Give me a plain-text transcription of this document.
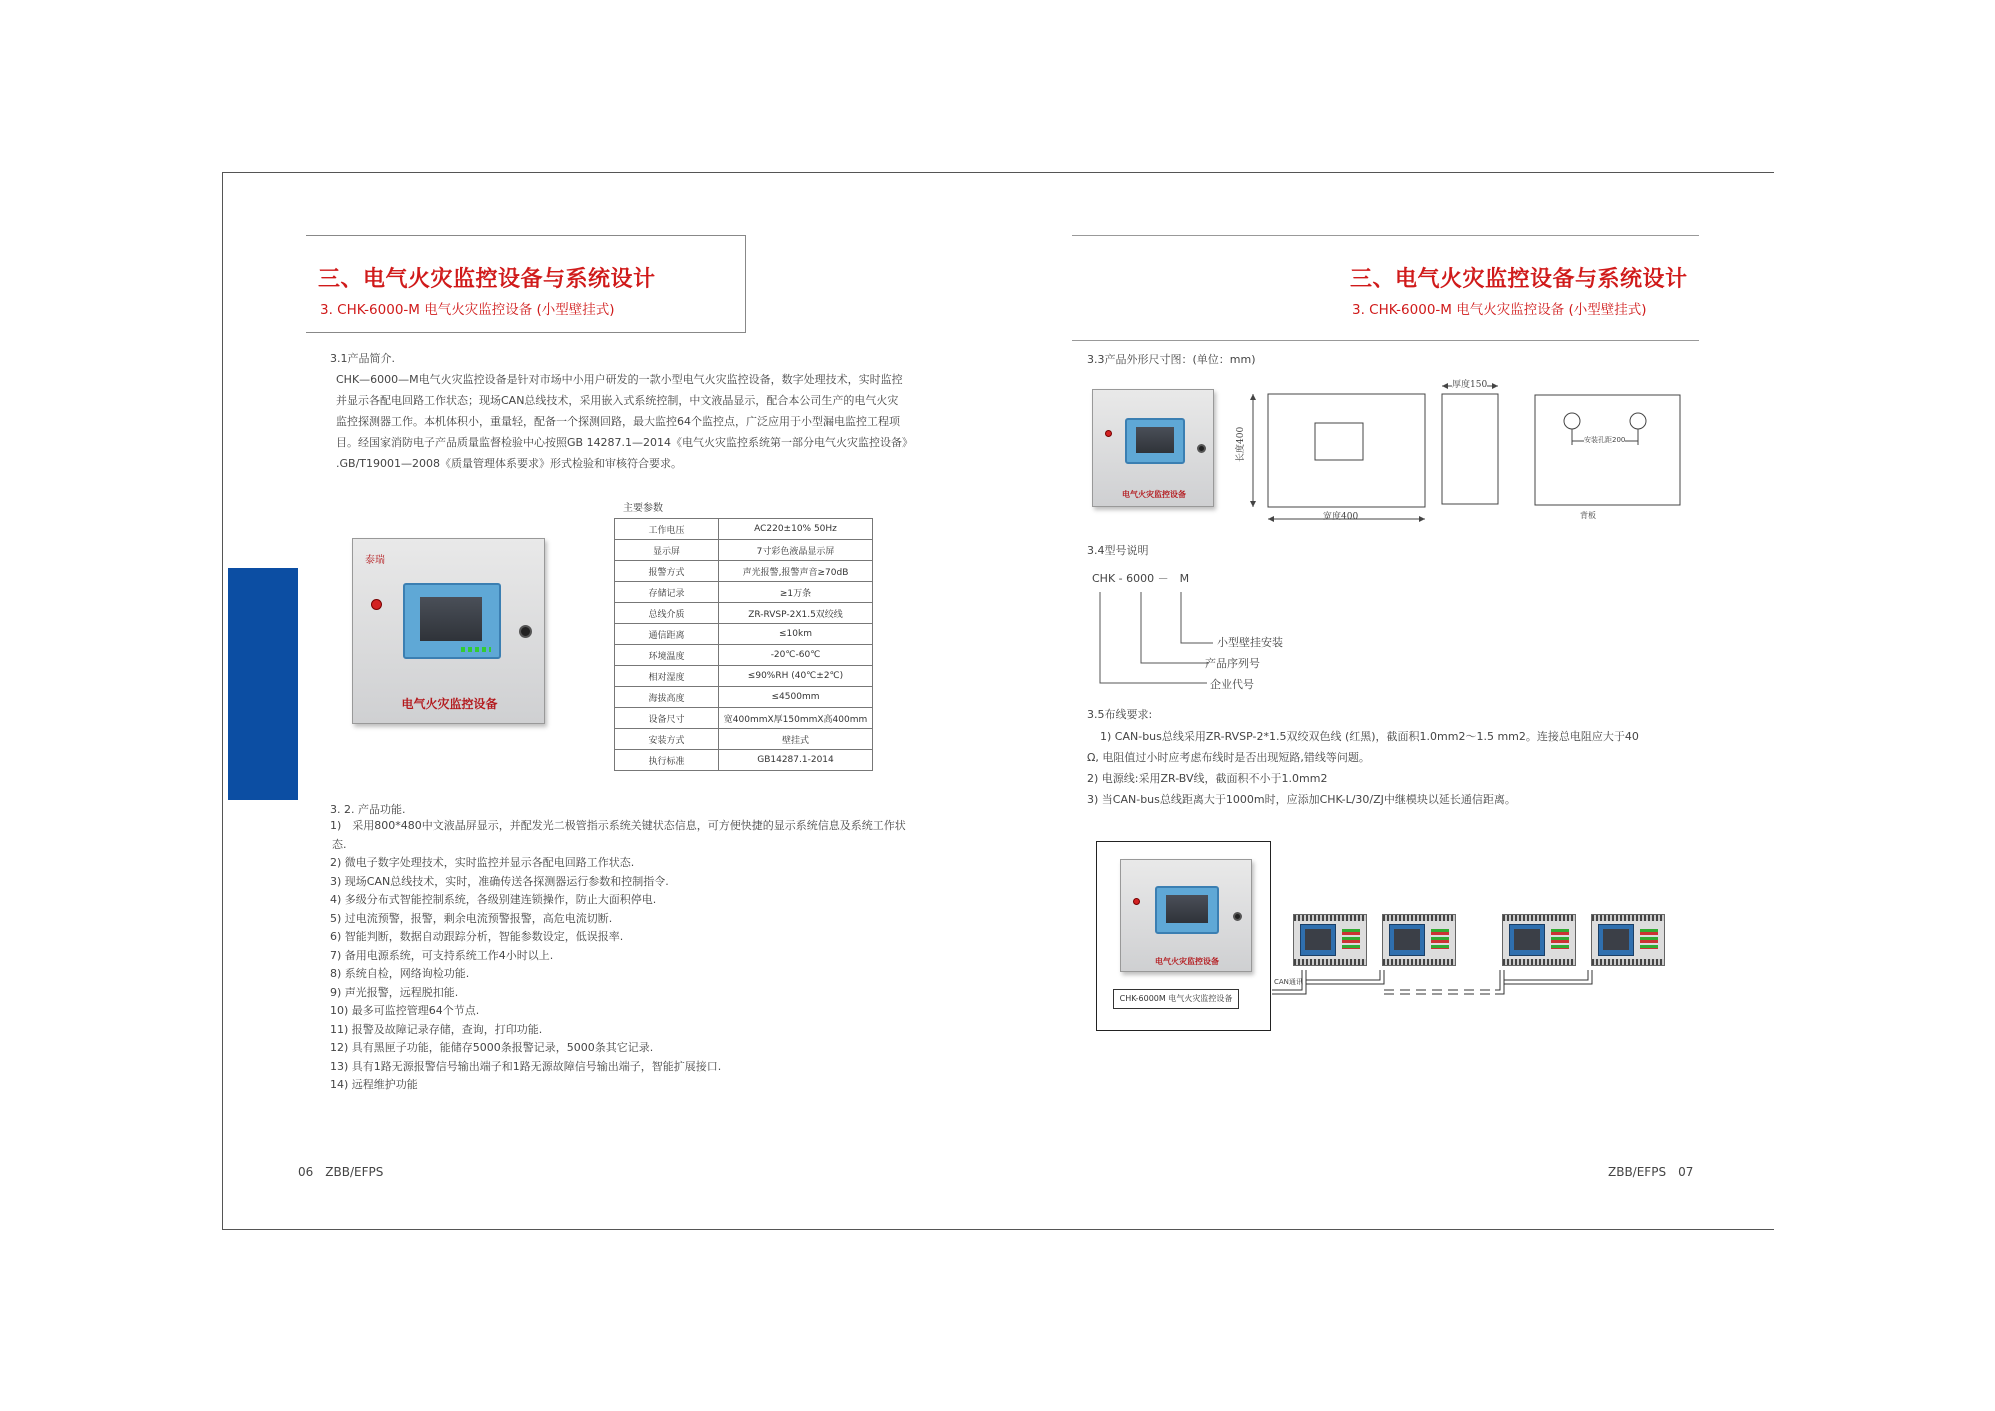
三、电气火灾监控设备与系统设计
3. CHK-6000-M 电气火灾监控设备 (小型壁挂式)
3.1产品简介.
CHK—6000—M电气火灾监控设备是针对市场中小用户研发的一款小型电气火灾监控设备，数字处理技术，实时监控
并显示各配电回路工作状态；现场CAN总线技术，采用嵌入式系统控制，中文液晶显示，配合本公司生产的电气火灾
监控探测器工作。本机体积小，重量轻，配备一个探测回路，最大监控64个监控点，广泛应用于小型漏电监控工程项
目。经国家消防电子产品质量监督检验中心按照GB 14287.1—2014《电气火灾监控系统第一部分电气火灾监控设备》
.GB/T19001—2008《质量管理体系要求》形式检验和审核符合要求。
泰瑞
电气火灾监控设备
主要参数
工作电压	AC220±10% 50Hz
显示屏	7寸彩色液晶显示屏
报警方式	声光报警,报警声音≥70dB
存储记录	≥1万条
总线介质	ZR-RVSP-2X1.5双绞线
通信距离	≤10km
环境温度	-20℃-60℃
相对湿度	≤90%RH (40℃±2℃)
海拔高度	≤4500mm
设备尺寸	宽400mmX厚150mmX高400mm
安装方式	壁挂式
执行标准	GB14287.1-2014
3. 2. 产品功能.
1)　采用800*480中文液晶屏显示，并配发光二极管指示系统关键状态信息，可方便快捷的显示系统信息及系统工作状
态.
2) 微电子数字处理技术，实时监控并显示各配电回路工作状态.
3) 现场CAN总线技术，实时，准确传送各探测器运行参数和控制指令.
4) 多级分布式智能控制系统，各级别建连锁操作，防止大面积停电.
5) 过电流预警，报警，剩余电流预警报警，高危电流切断.
6) 智能判断，数据自动跟踪分析，智能参数设定，低误报率.
7) 备用电源系统，可支持系统工作4小时以上.
8) 系统自检，网络询检功能.
9) 声光报警，远程脱扣能.
10) 最多可监控管理64个节点.
11) 报警及故障记录存储，查询，打印功能.
12) 具有黑匣子功能，能储存5000条报警记录，5000条其它记录.
13) 具有1路无源报警信号输出端子和1路无源故障信号输出端子，智能扩展接口.
14) 远程维护功能
06　ZBB/EFPS
三、电气火灾监控设备与系统设计
3. CHK-6000-M 电气火灾监控设备 (小型壁挂式)
3.3产品外形尺寸图：(单位：mm)
电气火灾监控设备
长度400
宽度400
厚度150
安装孔距200
背板
3.4型号说明
CHK - 6000 －　M
小型壁挂安装
产品序列号
企业代号
3.5布线要求:
1) CAN-bus总线采用ZR-RVSP-2*1.5双绞双色线 (红黑)，截面积1.0mm2～1.5 mm2。连接总电阻应大于40
Ω, 电阻值过小时应考虑布线时是否出现短路,错线等问题。
2) 电源线:采用ZR-BV线，截面积不小于1.0mm2
3) 当CAN-bus总线距离大于1000m时，应添加CHK-L/30/ZJ中继模块以延长通信距离。
电气火灾监控设备
CHK-6000M 电气火灾监控设备
CAN通讯
ZBB/EFPS　07
